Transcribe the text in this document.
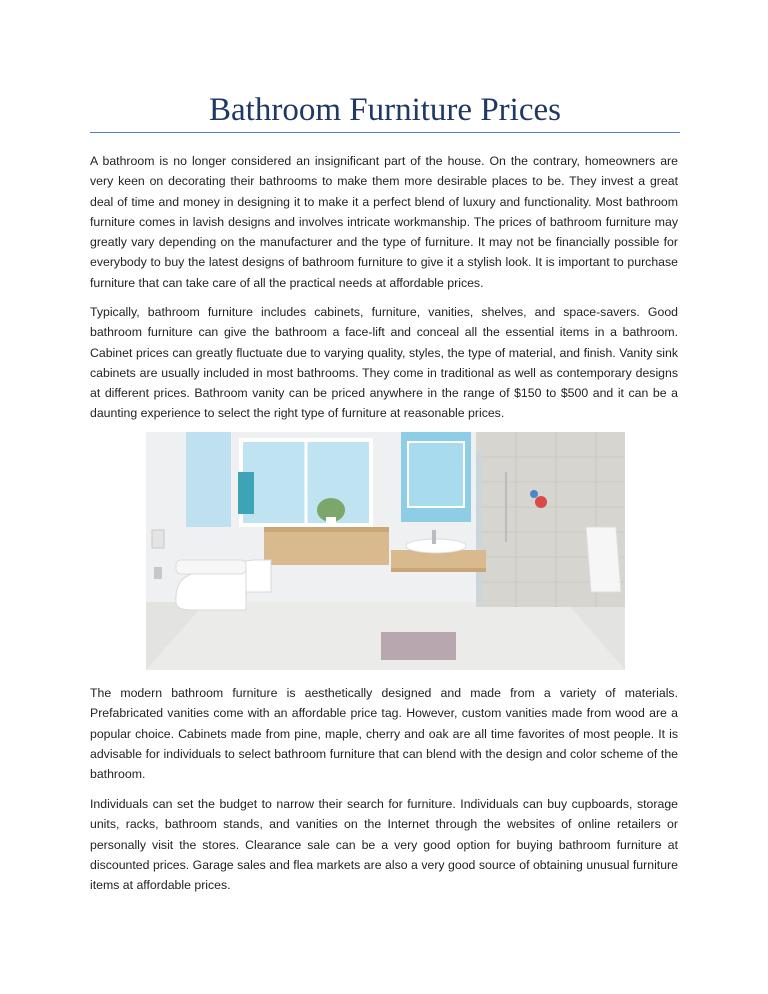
Bathroom Furniture Prices

A bathroom is no longer considered an insignificant part of the house. On the contrary, homeowners are very keen on decorating their bathrooms to make them more desirable places to be. They invest a great deal of time and money in designing it to make it a perfect blend of luxury and functionality. Most bathroom furniture comes in lavish designs and involves intricate workmanship. The prices of bathroom furniture may greatly vary depending on the manufacturer and the type of furniture. It may not be financially possible for everybody to buy the latest designs of bathroom furniture to give it a stylish look. It is important to purchase furniture that can take care of all the practical needs at affordable prices.

Typically, bathroom furniture includes cabinets, furniture, vanities, shelves, and space-savers. Good bathroom furniture can give the bathroom a face-lift and conceal all the essential items in a bathroom. Cabinet prices can greatly fluctuate due to varying quality, styles, the type of material, and finish. Vanity sink cabinets are usually included in most bathrooms. They come in traditional as well as contemporary designs at different prices. Bathroom vanity can be priced anywhere in the range of $150 to $500 and it can be a daunting experience to select the right type of furniture at reasonable prices.

The modern bathroom furniture is aesthetically designed and made from a variety of materials. Prefabricated vanities come with an affordable price tag. However, custom vanities made from wood are a popular choice. Cabinets made from pine, maple, cherry and oak are all time favorites of most people. It is advisable for individuals to select bathroom furniture that can blend with the design and color scheme of the bathroom.

Individuals can set the budget to narrow their search for furniture. Individuals can buy cupboards, storage units, racks, bathroom stands, and vanities on the Internet through the websites of online retailers or personally visit the stores. Clearance sale can be a very good option for buying bathroom furniture at discounted prices. Garage sales and flea markets are also a very good source of obtaining unusual furniture items at affordable prices.
